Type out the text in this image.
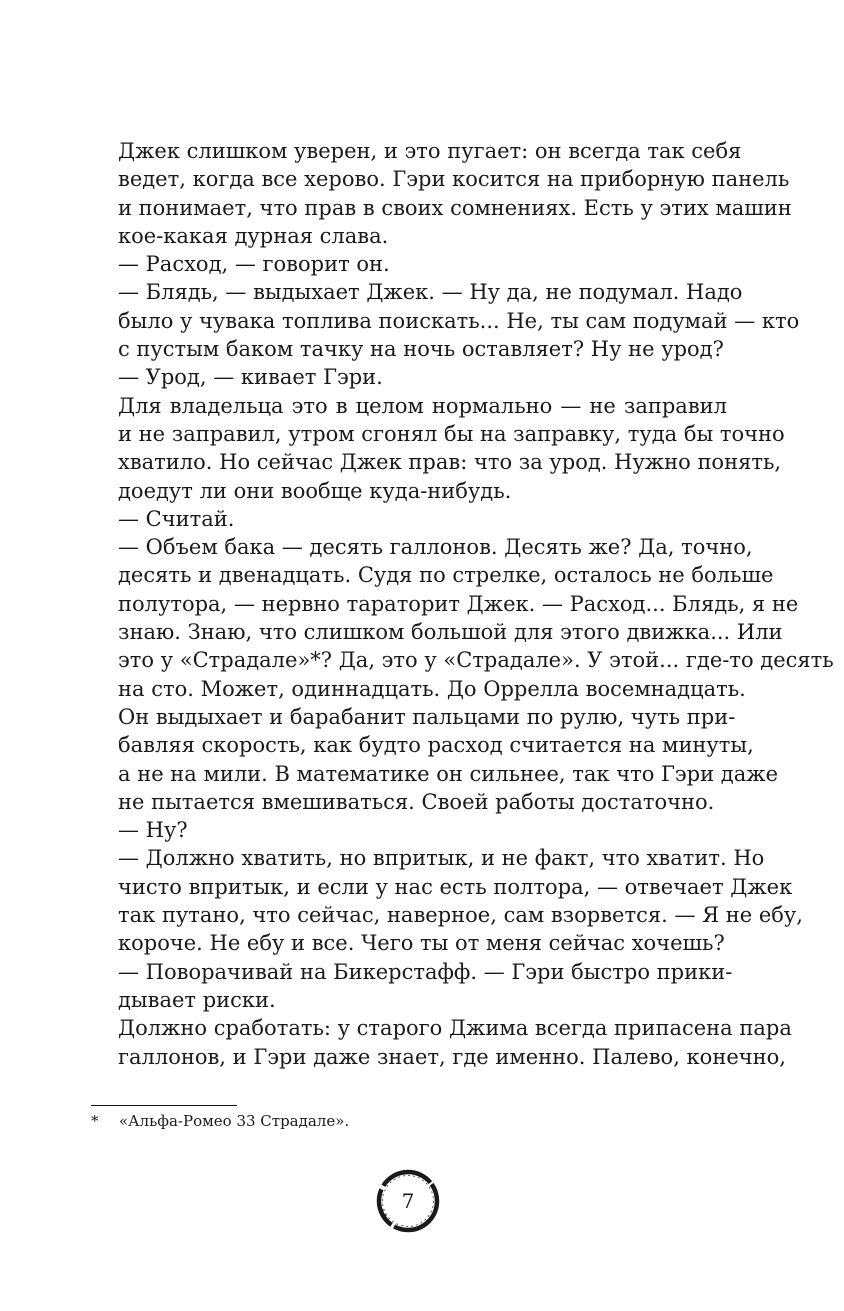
Джек слишком уверен, и это пугает: он всегда так себя
ведет, когда все херово. Гэри косится на приборную панель
и понимает, что прав в своих сомнениях. Есть у этих машин
кое-какая дурная слава.
— Расход, — говорит он.
— Блядь, — выдыхает Джек. — Ну да, не подумал. Надо
было у чувака топлива поискать... Не, ты сам подумай — кто
с пустым баком тачку на ночь оставляет? Ну не урод?
— Урод, — кивает Гэри.
Для владельца это в целом нормально — не заправил
и не заправил, утром сгонял бы на заправку, туда бы точно
хватило. Но сейчас Джек прав: что за урод. Нужно понять,
доедут ли они вообще куда-нибудь.
— Считай.
— Объем бака — десять галлонов. Десять же? Да, точно,
десять и двенадцать. Судя по стрелке, осталось не больше
полутора, — нервно тараторит Джек. — Расход... Блядь, я не
знаю. Знаю, что слишком большой для этого движка... Или
это у «Страдале»*? Да, это у «Страдале». У этой... где-то десять
на сто. Может, одиннадцать. До Оррелла восемнадцать.
Он выдыхает и барабанит пальцами по рулю, чуть при-
бавляя скорость, как будто расход считается на минуты,
а не на мили. В математике он сильнее, так что Гэри даже
не пытается вмешиваться. Своей работы достаточно.
— Ну?
— Должно хватить, но впритык, и не факт, что хватит. Но
чисто впритык, и если у нас есть полтора, — отвечает Джек
так путано, что сейчас, наверное, сам взорвется. — Я не ебу,
короче. Не ебу и все. Чего ты от меня сейчас хочешь?
— Поворачивай на Бикерстафф. — Гэри быстро прики-
дывает риски.
Должно сработать: у старого Джима всегда припасена пара
галлонов, и Гэри даже знает, где именно. Палево, конечно,
* «Альфа-Ромео 33 Страдале».
7
